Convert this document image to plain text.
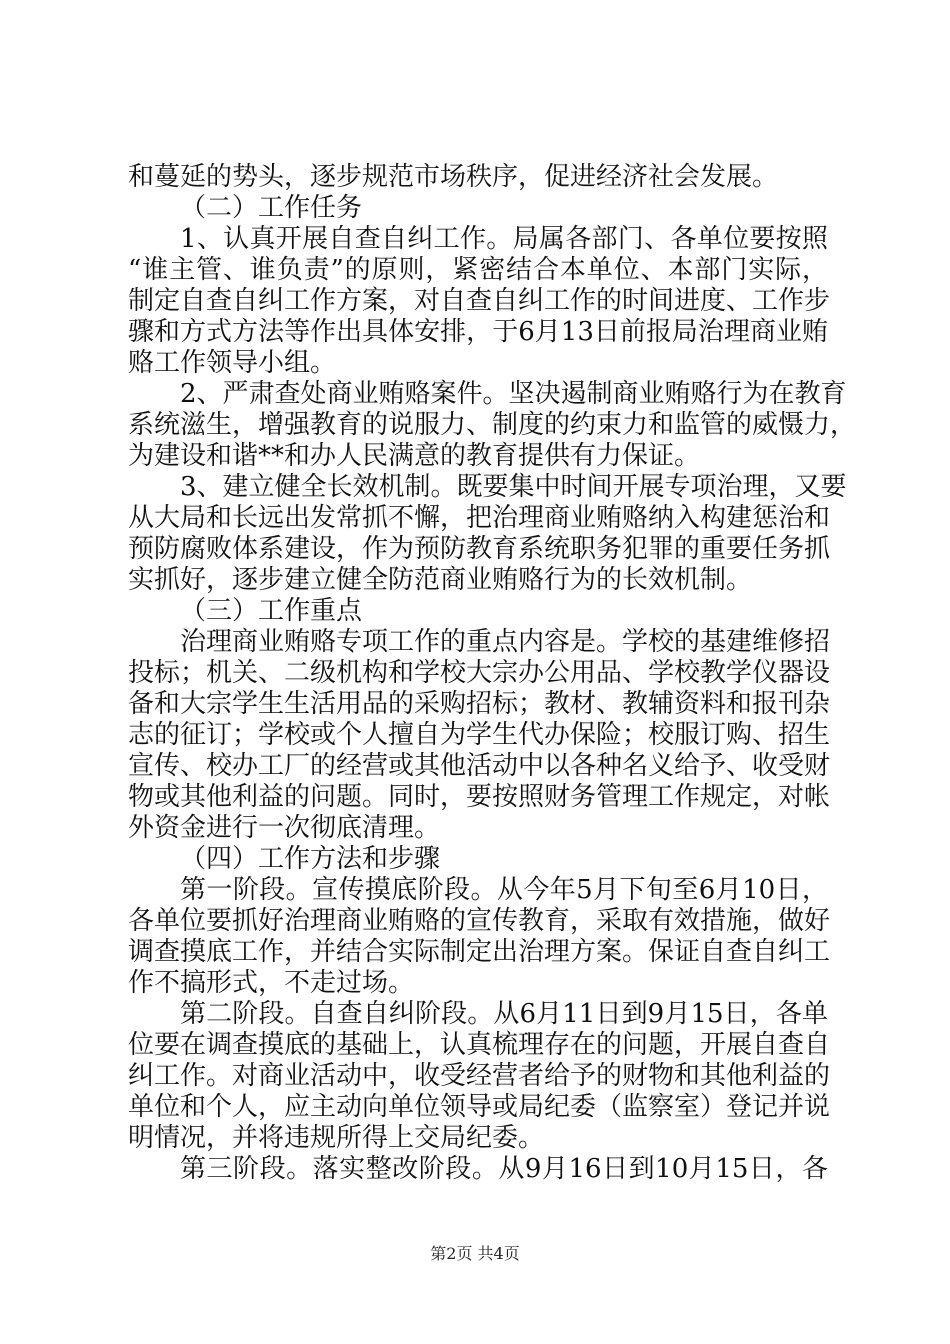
和蔓延的势头，逐步规范市场秩序，促进经济社会发展。
（二）工作任务
1、认真开展自查自纠工作。局属各部门、各单位要按照
“谁主管、谁负责”的原则，紧密结合本单位、本部门实际，
制定自查自纠工作方案，对自查自纠工作的时间进度、工作步
骤和方式方法等作出具体安排，于6月13日前报局治理商业贿
赂工作领导小组。
2、严肃查处商业贿赂案件。坚决遏制商业贿赂行为在教育
系统滋生，增强教育的说服力、制度的约束力和监管的威慑力，
为建设和谐**和办人民满意的教育提供有力保证。
3、建立健全长效机制。既要集中时间开展专项治理，又要
从大局和长远出发常抓不懈，把治理商业贿赂纳入构建惩治和
预防腐败体系建设，作为预防教育系统职务犯罪的重要任务抓
实抓好，逐步建立健全防范商业贿赂行为的长效机制。
（三）工作重点
治理商业贿赂专项工作的重点内容是。学校的基建维修招
投标；机关、二级机构和学校大宗办公用品、学校教学仪器设
备和大宗学生生活用品的采购招标；教材、教辅资料和报刊杂
志的征订；学校或个人擅自为学生代办保险；校服订购、招生
宣传、校办工厂的经营或其他活动中以各种名义给予、收受财
物或其他利益的问题。同时，要按照财务管理工作规定，对帐
外资金进行一次彻底清理。
（四）工作方法和步骤
第一阶段。宣传摸底阶段。从今年5月下旬至6月10日，
各单位要抓好治理商业贿赂的宣传教育，采取有效措施，做好
调查摸底工作，并结合实际制定出治理方案。保证自查自纠工
作不搞形式，不走过场。
第二阶段。自查自纠阶段。从6月11日到9月15日，各单
位要在调查摸底的基础上，认真梳理存在的问题，开展自查自
纠工作。对商业活动中，收受经营者给予的财物和其他利益的
单位和个人，应主动向单位领导或局纪委（监察室）登记并说
明情况，并将违规所得上交局纪委。
第三阶段。落实整改阶段。从9月16日到10月15日，各
第2页 共4页
